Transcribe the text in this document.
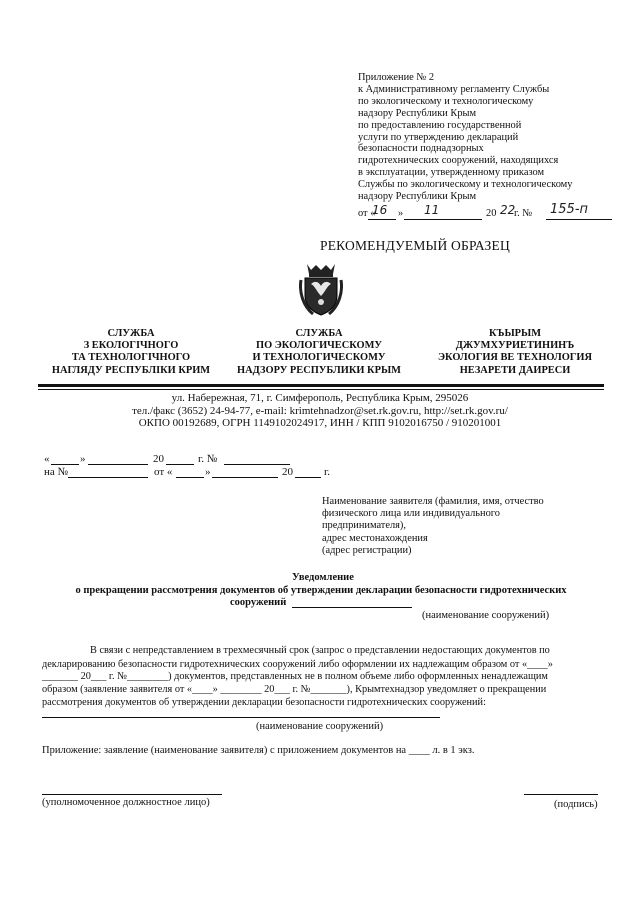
Приложение № 2
к Административному регламенту Службы
по экологическому и технологическому
надзору Республики Крым
по предоставлению государственной
услуги по утверждению деклараций
безопасности поднадзорных
гидротехнических сооружений, находящихся
в эксплуатации, утвержденному приказом
Службы по экологическому и технологическому
надзору Республики Крым
от «
16 » 11	20 22
г. № 155-п
РЕКОМЕНДУЕМЫЙ ОБРАЗЕЦ
СЛУЖБА
З ЕКОЛОГIЧНОГО
ТА ТЕХНОЛОГIЧНОГО
НАГЛЯДУ РЕСПУБЛIКИ КРИМ
СЛУЖБА
ПО ЭКОЛОГИЧЕСКОМУ
И ТЕХНОЛОГИЧЕСКОМУ
НАДЗОРУ РЕСПУБЛИКИ КРЫМ
КЪЫРЫМ
ДЖУМХУРИЕТИНИНЪ
ЭКОЛОГИЯ ВЕ ТЕХНОЛОГИЯ
НЕЗАРЕТИ ДАИРЕСИ
ул. Набережная, 71, г. Симферополь, Республика Крым, 295026
тел./факс (3652) 24-94-77, e-mail: krimtehnadzor@set.rk.gov.ru, http://set.rk.gov.ru/
ОКПО 00192689, ОГРН 1149102024917, ИНН / КПП 9102016750 / 910201001
«	»	20	г. №
на №	от «	»	20	г.
Наименование заявителя (фамилия, имя, отчество
физического лица или индивидуального
предпринимателя),
адрес местонахождения
(адрес регистрации)
Уведомление
о прекращении рассмотрения документов об утверждении декларации безопасности гидротехнических
сооружений
(наименование сооружений)
В связи с непредставлением в трехмесячный срок (запрос о представлении недостающих документов по
декларированию безопасности гидротехнических сооружений либо оформлении их надлежащим образом от «____»
_______ 20___ г. №________) документов, представленных не в полном объеме либо оформленных ненадлежащим
образом (заявление заявителя от «____» ________ 20___ г. №_______), Крымтехнадзор уведомляет о прекращении
рассмотрения документов об утверждении декларации безопасности гидротехнических сооружений:
(наименование сооружений)
Приложение: заявление (наименование заявителя) с приложением документов на ____ л. в 1 экз.
(уполномоченное должностное лицо)	(подпись)
